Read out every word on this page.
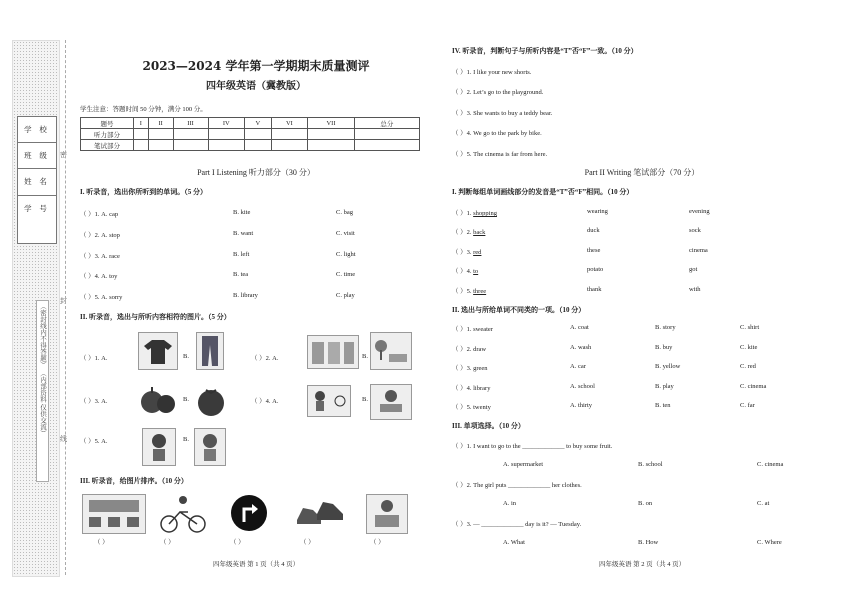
学 校
班 级
姓 名
学 号
密
封
线
（密封线内不得答题） （内部资料 仅供交流）
2023—2024 学年第一学期期末质量测评
四年级英语（冀教版）
学生注意：答题时间 50 分钟，满分 100 分。
题号	I	II	III	IV	V	VI	VII	总分
听力部分								
笔试部分								
Part I Listening 听力部分（30 分）
I. 听录音，选出你所听到的单词。（5 分）
（ ）1. A. cap	B. kite	C. bag
（ ）2. A. stop	B. want	C. visit
（ ）3. A. race	B. left	C. light
（ ）4. A. toy	B. tea	C. time
（ ）5. A. sorry	B. library	C. play
II. 听录音，选出与所听内容相符的图片。（5 分）
（ ）1. A.	B.	（ ）2. A.	B.
（ ）3. A.	B.	（ ）4. A.	B.
（ ）5. A.	B.
III. 听录音，给图片排序。（10 分）
（ ）	（ ）	（ ）	（ ）	（ ）
四年级英语 第 1 页（共 4 页）
IV. 听录音，判断句子与所听内容是“T”否“F”一致。（10 分）
（ ）1. I like your new shorts.
（ ）2. Let’s go to the playground.
（ ）3. She wants to buy a teddy bear.
（ ）4. We go to the park by bike.
（ ）5. The cinema is far from here.
Part II Writing 笔试部分（70 分）
I. 判断每组单词画线部分的发音是“T”否“F”相同。（10 分）
（ ）1. shopping	wearing	evening
（ ）2. back	duck	sock
（ ）3. red	these	cinema
（ ）4. to	potato	got
（ ）5. three	thank	with
II. 选出与所给单词不同类的一项。（10 分）
（ ）1. sweater	A. coat	B. story	C. shirt
（ ）2. draw	A. wash	B. buy	C. kite
（ ）3. green	A. car	B. yellow	C. red
（ ）4. library	A. school	B. play	C. cinema
（ ）5. twenty	A. thirty	B. ten	C. far
III. 单项选择。（10 分）
（ ）1. I want to go to the _____________ to buy some fruit.
A. supermarket	B. school	C. cinema
（ ）2. The girl puts _____________ her clothes.
A. in	B. on	C. at
（ ）3. — _____________ day is it? — Tuesday.
A. What	B. How	C. Where
四年级英语 第 2 页（共 4 页）
